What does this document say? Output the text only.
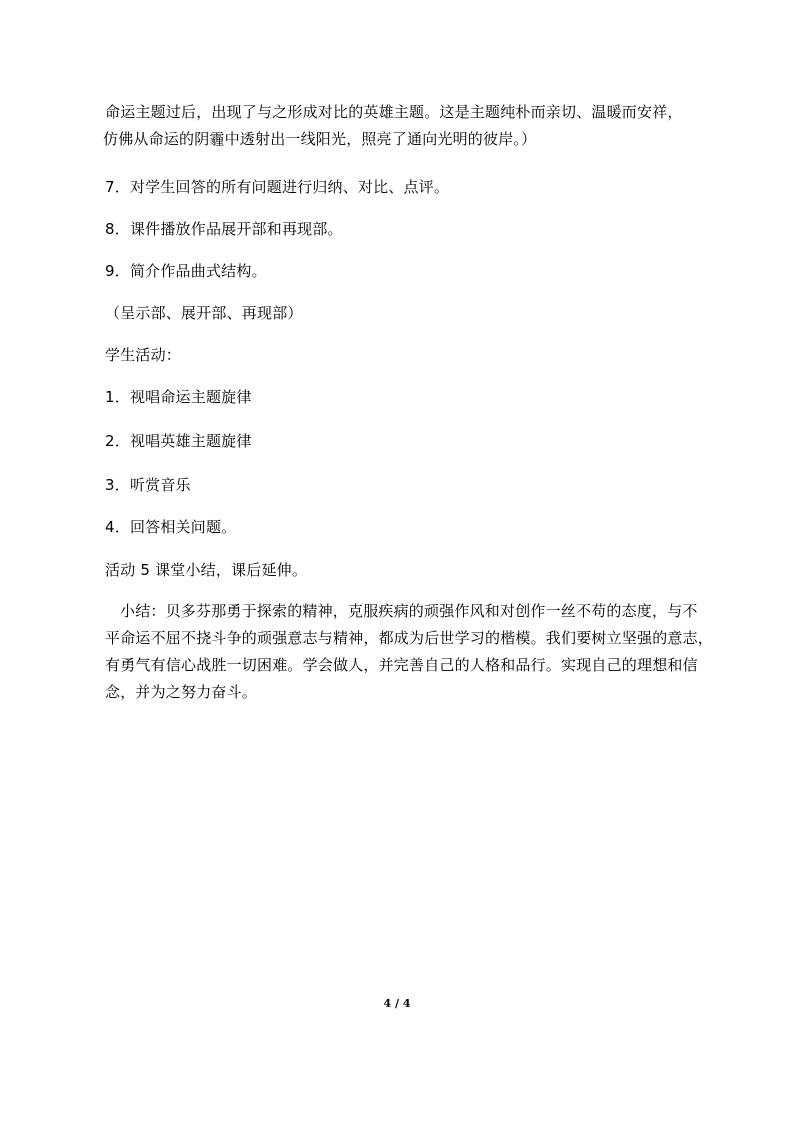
命运主题过后，出现了与之形成对比的英雄主题。这是主题纯朴而亲切、温暖而安祥，
仿佛从命运的阴霾中透射出一线阳光，照亮了通向光明的彼岸。）
7．对学生回答的所有问题进行归纳、对比、点评。
8．课件播放作品展开部和再现部。
9．简介作品曲式结构。
（呈示部、展开部、再现部）
学生活动：
1．视唱命运主题旋律
2．视唱英雄主题旋律
3．听赏音乐
4．回答相关问题。
活动 5 课堂小结，课后延伸。
小结：贝多芬那勇于探索的精神，克服疾病的顽强作风和对创作一丝不苟的态度，与不
平命运不屈不挠斗争的顽强意志与精神，都成为后世学习的楷模。我们要树立坚强的意志，
有勇气有信心战胜一切困难。学会做人，并完善自己的人格和品行。实现自己的理想和信
念，并为之努力奋斗。
4 / 4
